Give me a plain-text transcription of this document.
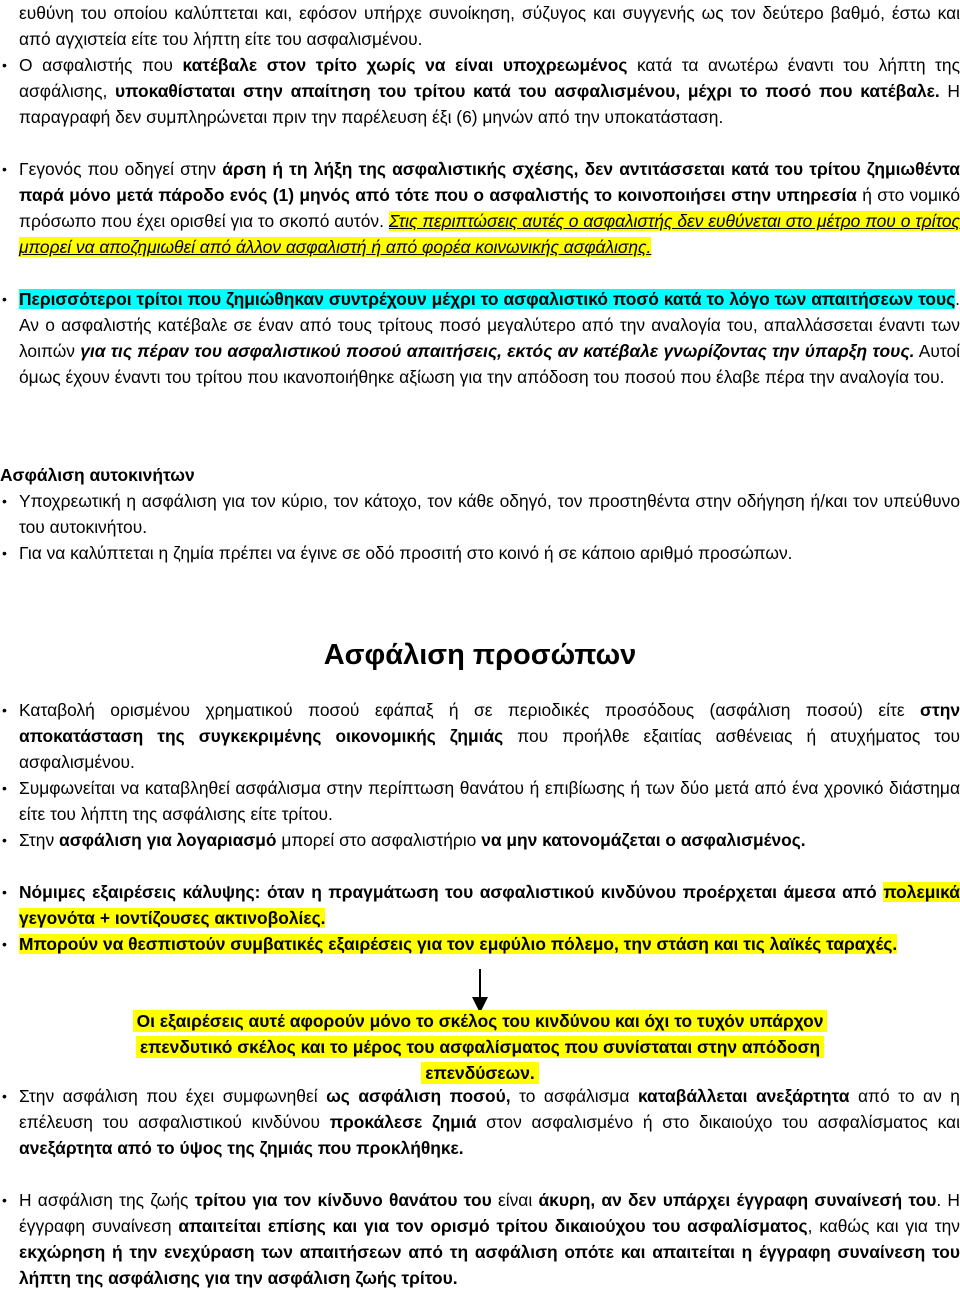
ευθύνη του οποίου καλύπτεται και, εφόσον υπήρχε συνοίκηση, σύζυγος και συγγενής ως τον δεύτερο βαθμό, έστω και από αγχιστεία είτε του λήπτη είτε του ασφαλισμένου.

• Ο ασφαλιστής που κατέβαλε στον τρίτο χωρίς να είναι υποχρεωμένος κατά τα ανωτέρω έναντι του λήπτη της ασφάλισης, υποκαθίσταται στην απαίτηση του τρίτου κατά του ασφαλισμένου, μέχρι το ποσό που κατέβαλε. Η παραγραφή δεν συμπληρώνεται πριν την παρέλευση έξι (6) μηνών από την υποκατάσταση.

• Γεγονός που οδηγεί στην άρση ή τη λήξη της ασφαλιστικής σχέσης, δεν αντιτάσσεται κατά του τρίτου ζημιωθέντα παρά μόνο μετά πάροδο ενός (1) μηνός από τότε που ο ασφαλιστής το κοινοποιήσει στην υπηρεσία ή στο νομικό πρόσωπο που έχει ορισθεί για το σκοπό αυτόν. Στις περιπτώσεις αυτές ο ασφαλιστής δεν ευθύνεται στο μέτρο που ο τρίτος μπορεί να αποζημιωθεί από άλλον ασφαλιστή ή από φορέα κοινωνικής ασφάλισης.

• Περισσότεροι τρίτοι που ζημιώθηκαν συντρέχουν μέχρι το ασφαλιστικό ποσό κατά το λόγο των απαιτήσεων τους. Αν ο ασφαλιστής κατέβαλε σε έναν από τους τρίτους ποσό μεγαλύτερο από την αναλογία του, απαλλάσσεται έναντι των λοιπών για τις πέραν του ασφαλιστικού ποσού απαιτήσεις, εκτός αν κατέβαλε γνωρίζοντας την ύπαρξη τους. Αυτοί όμως έχουν έναντι του τρίτου που ικανοποιήθηκε αξίωση για την απόδοση του ποσού που έλαβε πέρα την αναλογία του.

Ασφάλιση αυτοκινήτων

• Υποχρεωτική η ασφάλιση για τον κύριο, τον κάτοχο, τον κάθε οδηγό, τον προστηθέντα στην οδήγηση ή/και τον υπεύθυνο του αυτοκινήτου.

• Για να καλύπτεται η ζημία πρέπει να έγινε σε οδό προσιτή στο κοινό ή σε κάποιο αριθμό προσώπων.

Ασφάλιση προσώπων

• Καταβολή ορισμένου χρηματικού ποσού εφάπαξ ή σε περιοδικές προσόδους (ασφάλιση ποσού) είτε στην αποκατάσταση της συγκεκριμένης οικονομικής ζημιάς που προήλθε εξαιτίας ασθένειας ή ατυχήματος του ασφαλισμένου.

• Συμφωνείται να καταβληθεί ασφάλισμα στην περίπτωση θανάτου ή επιβίωσης ή των δύο μετά από ένα χρονικό διάστημα είτε του λήπτη της ασφάλισης είτε τρίτου.

• Στην ασφάλιση για λογαριασμό μπορεί στο ασφαλιστήριο να μην κατονομάζεται ο ασφαλισμένος.

• Νόμιμες εξαιρέσεις κάλυψης: όταν η πραγμάτωση του ασφαλιστικού κινδύνου προέρχεται άμεσα από πολεμικά γεγονότα + ιοντίζουσες ακτινοβολίες.

• Μπορούν να θεσπιστούν συμβατικές εξαιρέσεις για τον εμφύλιο πόλεμο, την στάση και τις λαϊκές ταραχές.

Οι εξαιρέσεις αυτέ αφορούν μόνο το σκέλος του κινδύνου και όχι το τυχόν υπάρχον
επενδυτικό σκέλος και το μέρος του ασφαλίσματος που συνίσταται στην απόδοση
επενδύσεων.

• Στην ασφάλιση που έχει συμφωνηθεί ως ασφάλιση ποσού, το ασφάλισμα καταβάλλεται ανεξάρτητα από το αν η επέλευση του ασφαλιστικού κινδύνου προκάλεσε ζημιά στον ασφαλισμένο ή στο δικαιούχο του ασφαλίσματος και ανεξάρτητα από το ύψος της ζημιάς που προκλήθηκε.

• Η ασφάλιση της ζωής τρίτου για τον κίνδυνο θανάτου του είναι άκυρη, αν δεν υπάρχει έγγραφη συναίνεσή του. Η έγγραφη συναίνεση απαιτείται επίσης και για τον ορισμό τρίτου δικαιούχου του ασφαλίσματος, καθώς και για την εκχώρηση ή την ενεχύραση των απαιτήσεων από τη ασφάλιση οπότε και απαιτείται η έγγραφη συναίνεση του λήπτη της ασφάλισης για την ασφάλιση ζωής τρίτου.
